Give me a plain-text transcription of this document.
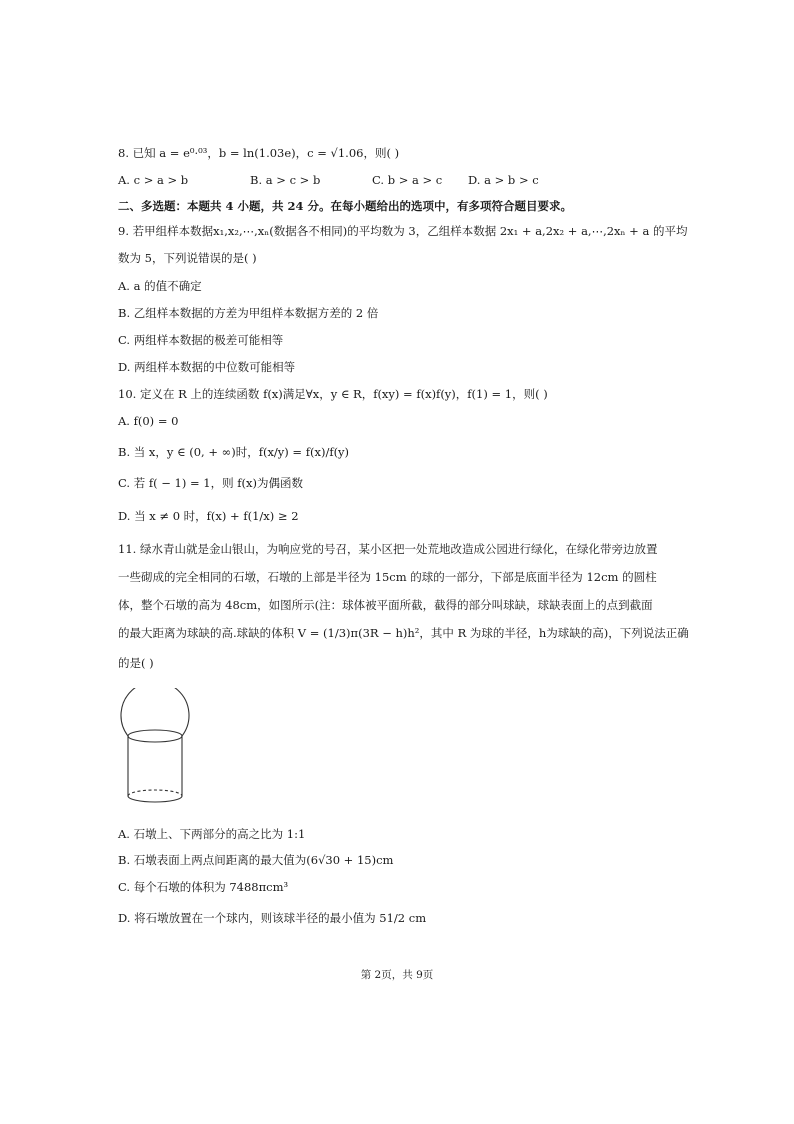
8. 已知 a = e⁰·⁰³，b = ln(1.03e)，c = √1.06，则( )
A. c > a > b	B. a > c > b	C. b > a > c D. a > b > c
二、多选题：本题共 4 小题，共 24 分。在每小题给出的选项中，有多项符合题目要求。
9. 若甲组样本数据x₁,x₂,⋯,xₙ(数据各不相同)的平均数为 3，乙组样本数据 2x₁ + a,2x₂ + a,⋯,2xₙ + a 的平均
数为 5，下列说错误的是( )
A. a 的值不确定
B. 乙组样本数据的方差为甲组样本数据方差的 2 倍
C. 两组样本数据的极差可能相等
D. 两组样本数据的中位数可能相等
10. 定义在 R 上的连续函数 f(x)满足∀x，y ∈ R，f(xy) = f(x)f(y)，f(1) = 1，则( )
A. f(0) = 0
B. 当 x，y ∈ (0, + ∞)时，f(x/y) = f(x)/f(y)
C. 若 f( − 1) = 1，则 f(x)为偶函数
D. 当 x ≠ 0 时，f(x) + f(1/x) ≥ 2
11. 绿水青山就是金山银山，为响应党的号召，某小区把一处荒地改造成公园进行绿化，在绿化带旁边放置
一些砌成的完全相同的石墩，石墩的上部是半径为 15cm 的球的一部分，下部是底面半径为 12cm 的圆柱
体，整个石墩的高为 48cm，如图所示(注：球体被平面所截，截得的部分叫球缺，球缺表面上的点到截面
的最大距离为球缺的高.球缺的体积 V = (1/3)π(3R − h)h²，其中 R 为球的半径，h为球缺的高)，下列说法正确
的是( )
A. 石墩上、下两部分的高之比为 1:1
B. 石墩表面上两点间距离的最大值为(6√30 + 15)cm
C. 每个石墩的体积为 7488πcm³
D. 将石墩放置在一个球内，则该球半径的最小值为 51/2 cm
第 2页，共 9页
